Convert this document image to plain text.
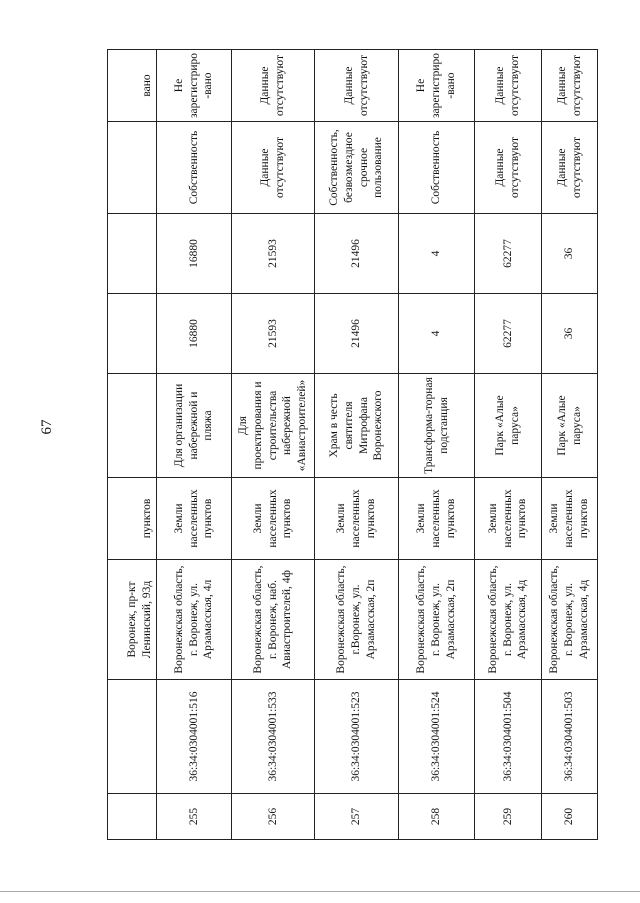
67
		Воронеж, пр-кт Ленинский, 93д	пунктов					вано
255	36:34:0304001:516	Воронежская область, г. Воронеж, ул. Арзамасская, 4л	Земли населенных пунктов	Для организации набережной и пляжа	16880	16880	Собственность	Не зарегистриро-вано
256	36:34:0304001:533	Воронежская область, г. Воронеж, наб. Авиастроителей, 4ф	Земли населенных пунктов	Для проектирования и строительства набережной «Авиастроителей»	21593	21593	Данные отсутствуют	Данные отсутствуют
257	36:34:0304001:523	Воронежская область, г.Воронеж, ул. Арзамасская, 2п	Земли населенных пунктов	Храм в честь святителя Митрофана Воронежского	21496	21496	Собственность, безвозмездное срочное пользование	Данные отсутствуют
258	36:34:0304001:524	Воронежская область, г. Воронеж, ул. Арзамасская, 2п	Земли населенных пунктов	Трансформа-торная подстанция	4	4	Собственность	Не зарегистриро-вано
259	36:34:0304001:504	Воронежская область, г. Воронеж, ул. Арзамасская, 4д	Земли населенных пунктов	Парк «Алые паруса»	62277	62277	Данные отсутствуют	Данные отсутствуют
260	36:34:0304001:503	Воронежская область, г. Воронеж, ул. Арзамасская, 4д	Земли населенных пунктов	Парк «Алые паруса»	36	36	Данные отсутствуют	Данные отсутствуют
